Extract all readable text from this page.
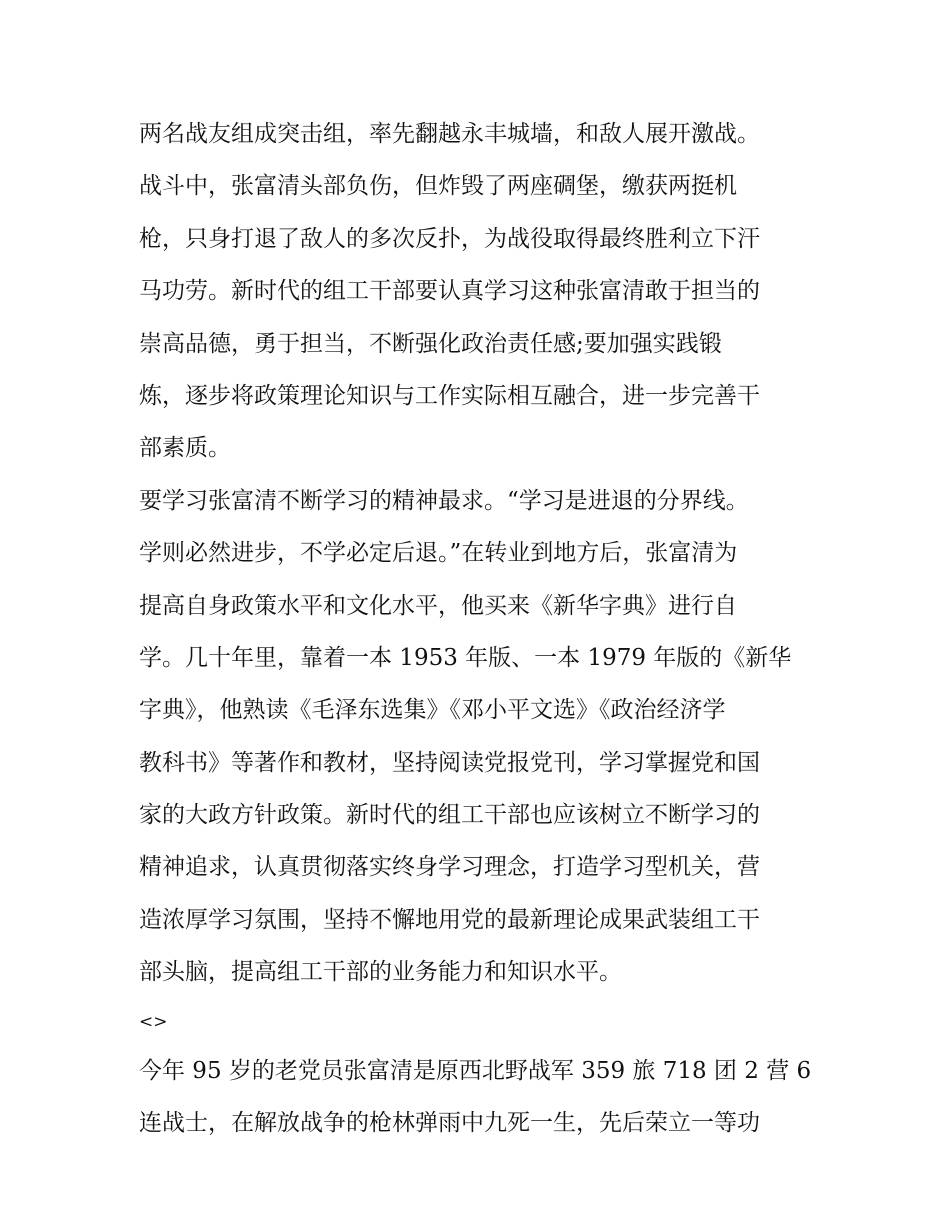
两名战友组成突击组，率先翻越永丰城墙，和敌人展开激战。
战斗中，张富清头部负伤，但炸毁了两座碉堡，缴获两挺机
枪，只身打退了敌人的多次反扑，为战役取得最终胜利立下汗
马功劳。新时代的组工干部要认真学习这种张富清敢于担当的
崇高品德，勇于担当，不断强化政治责任感;要加强实践锻
炼，逐步将政策理论知识与工作实际相互融合，进一步完善干
部素质。
要学习张富清不断学习的精神最求。“学习是进退的分界线。
学则必然进步，不学必定后退。”在转业到地方后，张富清为
提高自身政策水平和文化水平，他买来《新华字典》进行自
学。几十年里，靠着一本 1953 年版、一本 1979 年版的《新华
字典》，他熟读《毛泽东选集》《邓小平文选》《政治经济学
教科书》等著作和教材，坚持阅读党报党刊，学习掌握党和国
家的大政方针政策。新时代的组工干部也应该树立不断学习的
精神追求，认真贯彻落实终身学习理念，打造学习型机关，营
造浓厚学习氛围，坚持不懈地用党的最新理论成果武装组工干
部头脑，提高组工干部的业务能力和知识水平。
<>
今年 95 岁的老党员张富清是原西北野战军 359 旅 718 团 2 营 6
连战士，在解放战争的枪林弹雨中九死一生，先后荣立一等功
